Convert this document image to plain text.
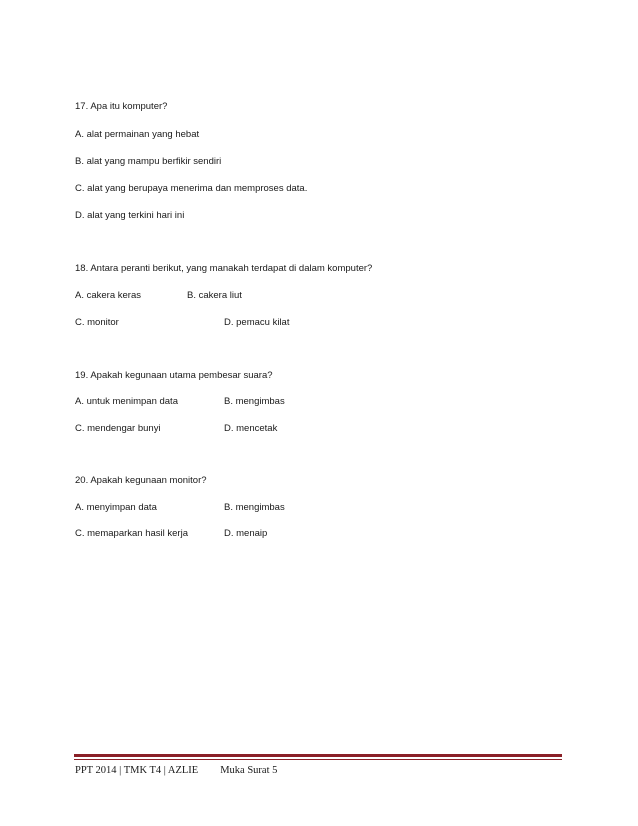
17. Apa itu komputer?
A. alat permainan yang hebat
B. alat yang mampu berfikir sendiri
C. alat yang berupaya menerima dan memproses data.
D. alat yang terkini hari ini
18. Antara peranti berikut, yang manakah terdapat di dalam komputer?
A. cakera keras	B. cakera liut
C. monitor	D. pemacu kilat
19. Apakah kegunaan utama pembesar suara?
A. untuk menimpan data	B. mengimbas
C. mendengar bunyi	D. mencetak
20. Apakah kegunaan monitor?
A. menyimpan data	B. mengimbas
C. memaparkan hasil kerja	D. menaip
PPT 2014 | TMK T4 | AZLIE Muka Surat 5
